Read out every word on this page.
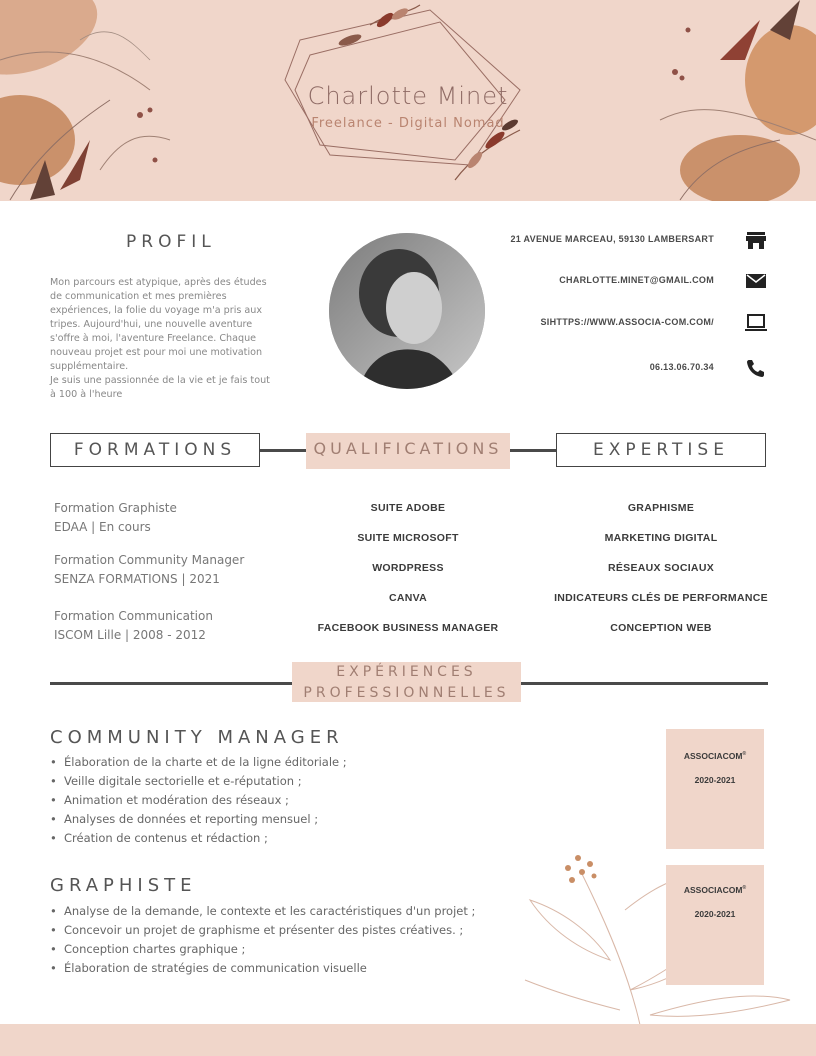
Charlotte Minet
Freelance - Digital Nomad
PROFIL
Mon parcours est atypique, après des études
de communication et mes premières
expériences, la folie du voyage m'a pris aux
tripes. Aujourd'hui, une nouvelle aventure
s'offre à moi, l'aventure Freelance. Chaque
nouveau projet est pour moi une motivation
supplémentaire.
Je suis une passionnée de la vie et je fais tout
à 100 à l'heure
21 AVENUE MARCEAU, 59130 LAMBERSART
CHARLOTTE.MINET@GMAIL.COM
SIHTTPS://WWW.ASSOCIA-COM.COM/
06.13.06.70.34
FORMATIONS	QUALIFICATIONS	EXPERTISE
Formation Graphiste
EDAA | En cours
Formation Community Manager
SENZA FORMATIONS | 2021
Formation Communication
ISCOM Lille | 2008 - 2012
SUITE ADOBE
SUITE MICROSOFT
WORDPRESS
CANVA
FACEBOOK BUSINESS MANAGER
GRAPHISME
MARKETING DIGITAL
RÉSEAUX SOCIAUX
INDICATEURS CLÉS DE PERFORMANCE
CONCEPTION WEB
EXPÉRIENCES
PROFESSIONNELLES
COMMUNITY MANAGER
• Élaboration de la charte et de la ligne éditoriale ;
• Veille digitale sectorielle et e-réputation ;
• Animation et modération des réseaux ;
• Analyses de données et reporting mensuel ;
• Création de contenus et rédaction ;
ASSOCIACOM®
2020-2021
GRAPHISTE
• Analyse de la demande, le contexte et les caractéristiques d'un projet ;
• Concevoir un projet de graphisme et présenter des pistes créatives. ;
• Conception chartes graphique ;
• Élaboration de stratégies de communication visuelle
ASSOCIACOM®
2020-2021
